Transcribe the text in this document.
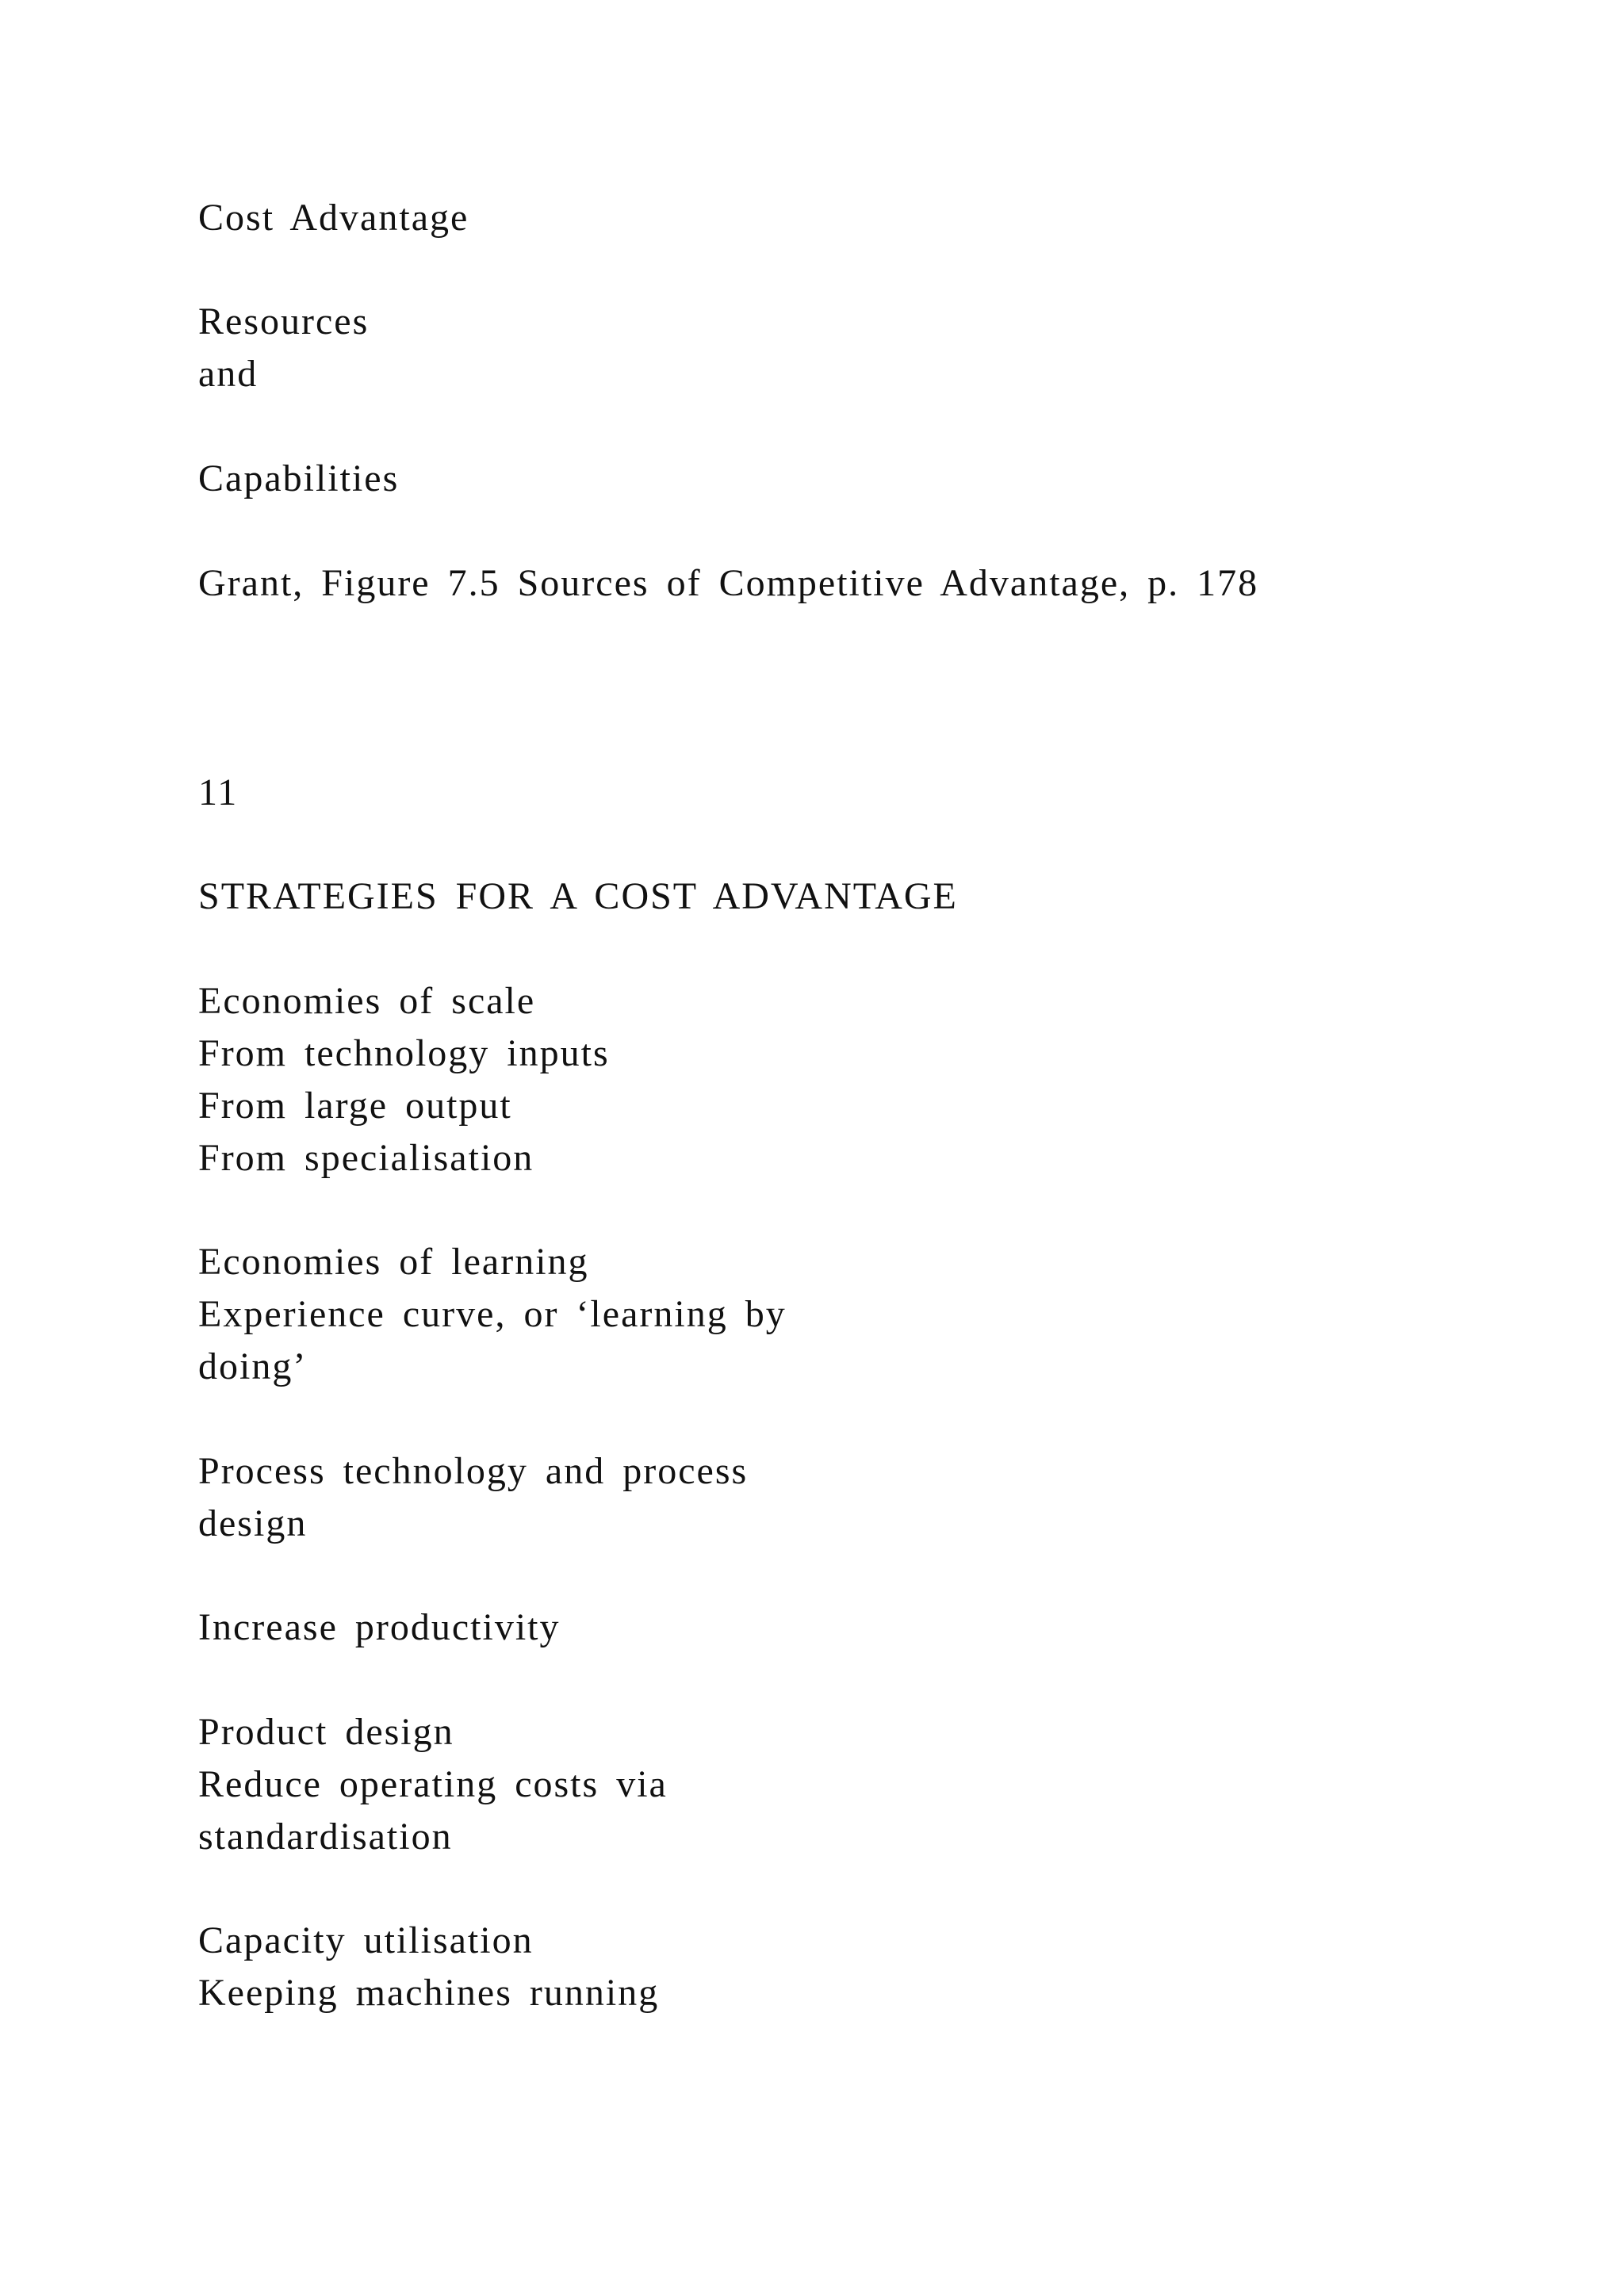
Cost Advantage

Resources

and

Capabilities

Grant, Figure 7.5 Sources of Competitive Advantage, p. 178

11

STRATEGIES FOR A COST ADVANTAGE

Economies of scale

From technology inputs

From large output

From specialisation

Economies of learning

Experience curve, or ‘learning by

doing’

Process technology and process

design

Increase productivity

Product design

Reduce operating costs via

standardisation

Capacity utilisation

Keeping machines running
